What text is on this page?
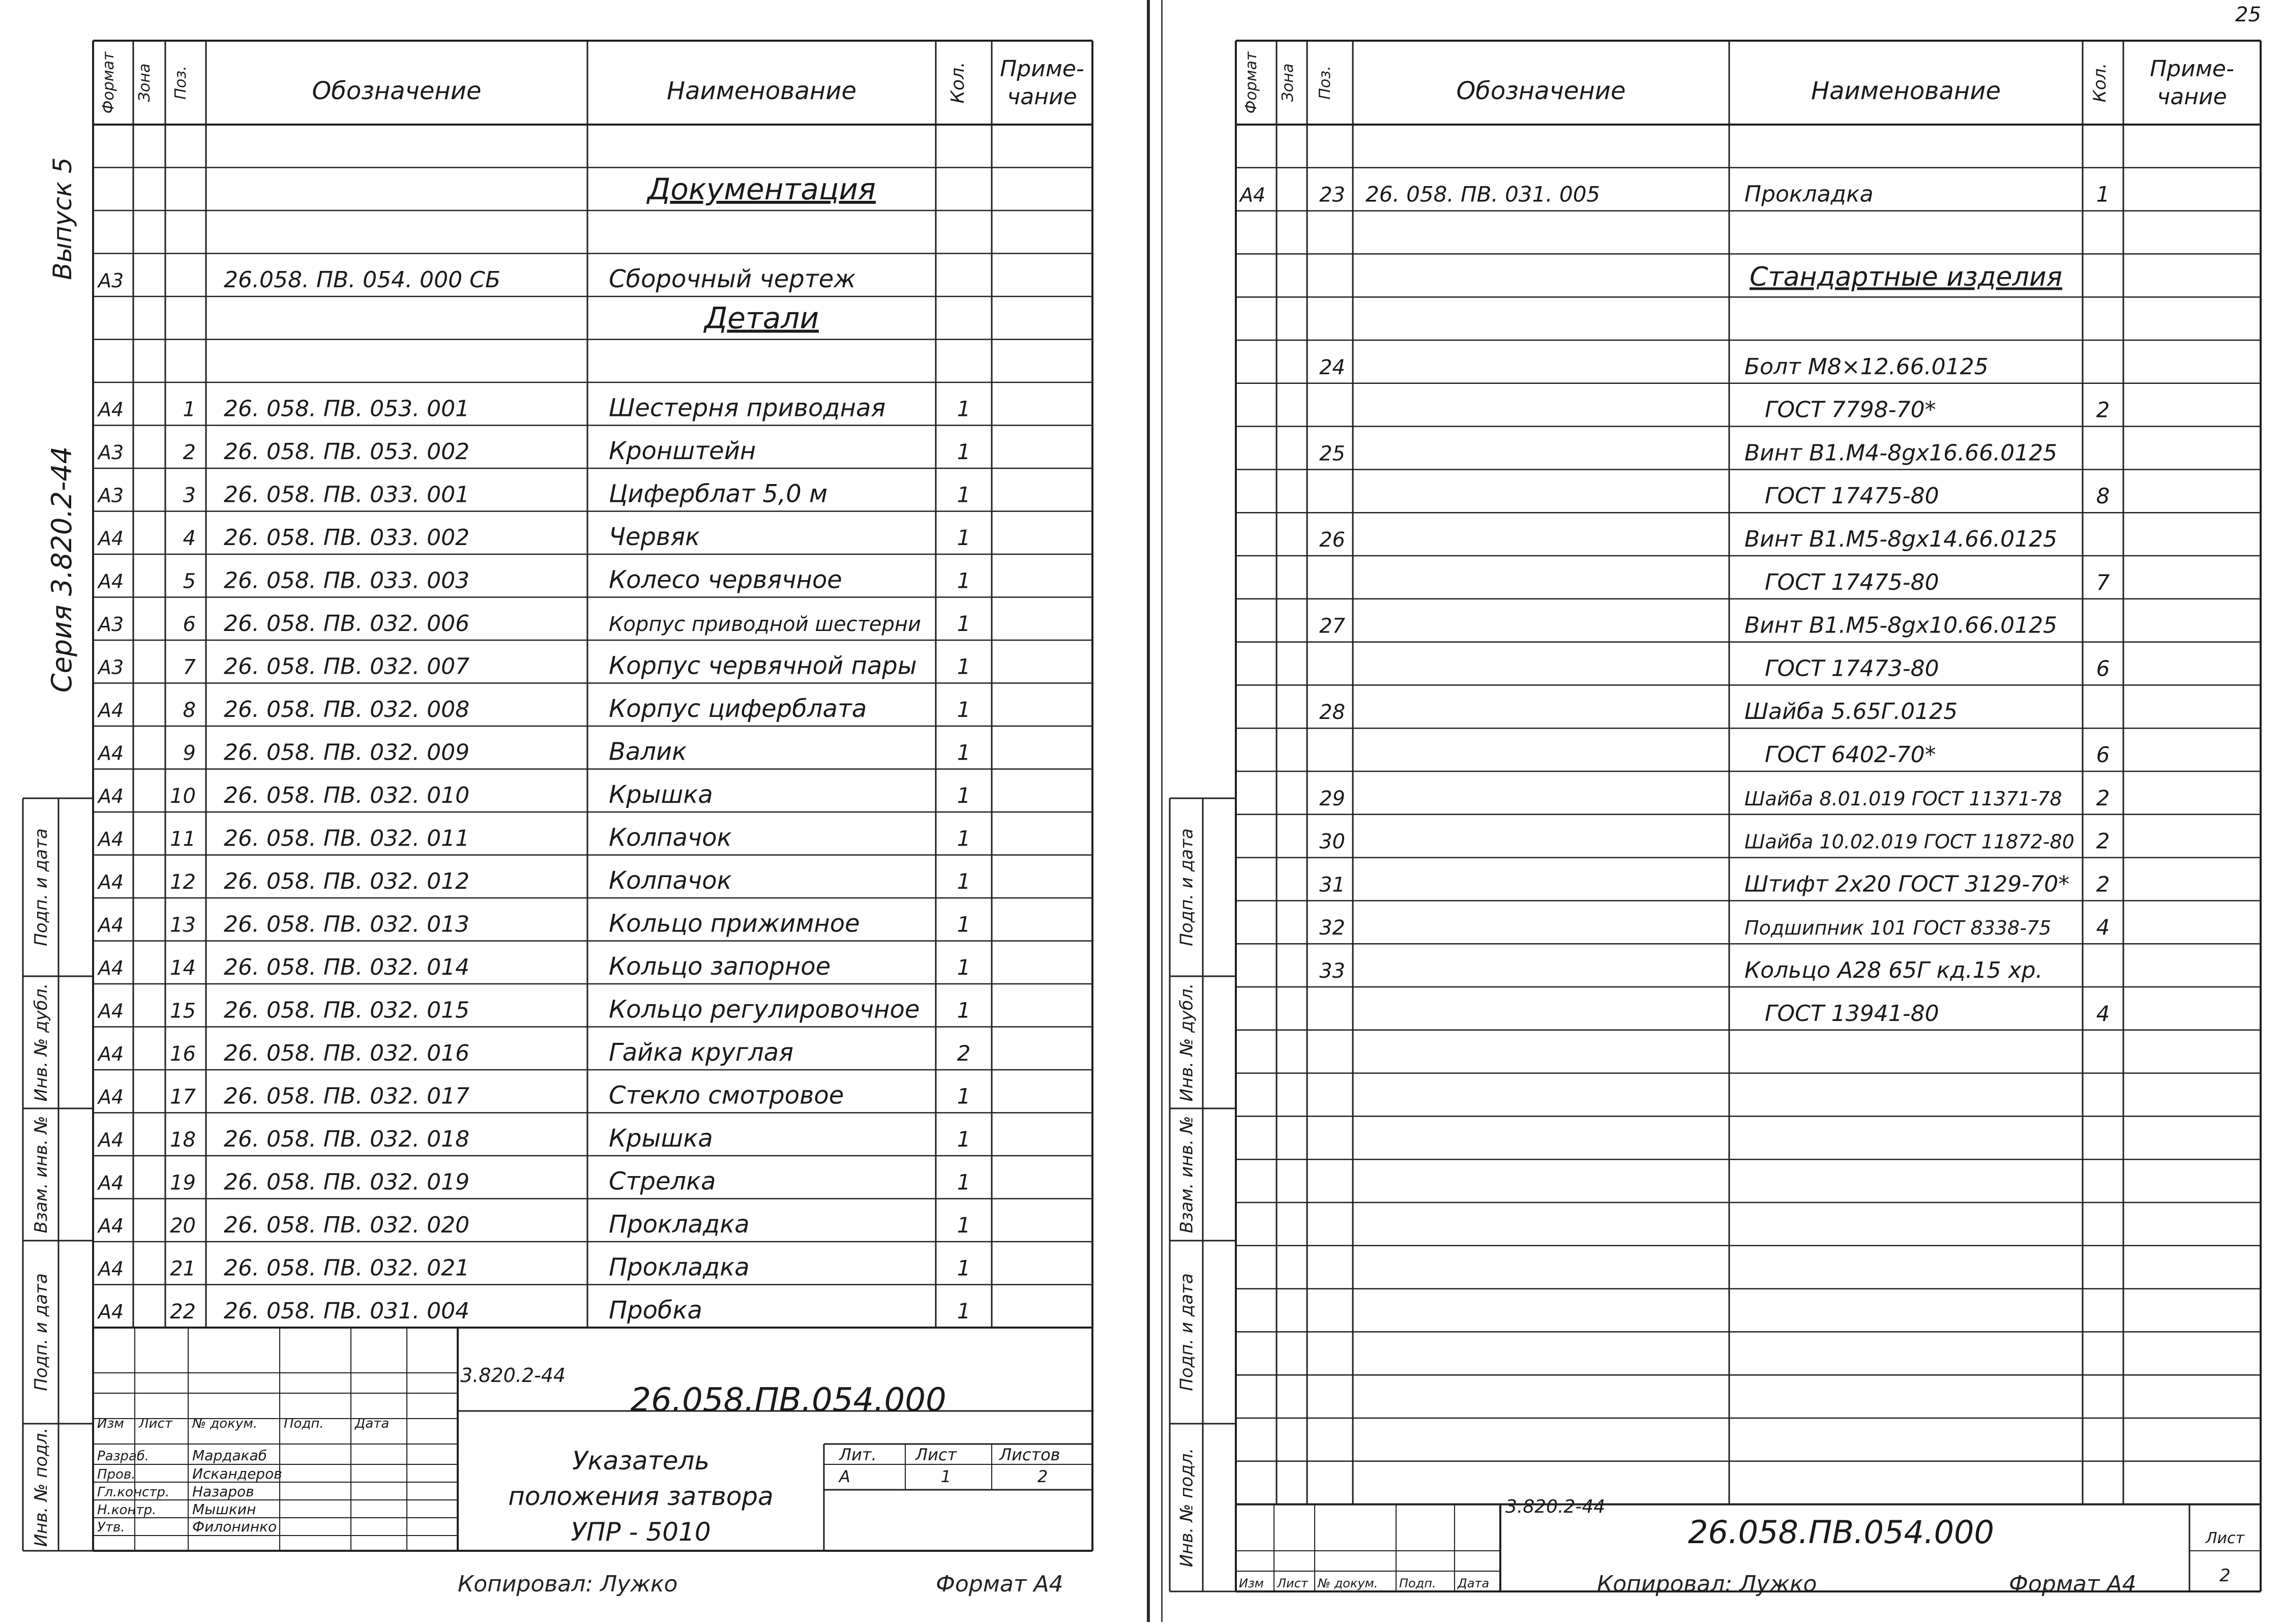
25
Формат Зона Поз.	Обозначение	Наименование	Кол. Приме-
чание
Документация
А3	26.058. ПВ. 054. 000 СБ	Сборочный чертеж
Детали
А4	1 26. 058. ПВ. 053. 001	Шестерня приводная	1
А3	2 26. 058. ПВ. 053. 002	Кронштейн	1
А3	3 26. 058. ПВ. 033. 001	Циферблат 5,0 м	1
А4	4 26. 058. ПВ. 033. 002	Червяк	1
А4	5 26. 058. ПВ. 033. 003	Колесо червячное	1
А3	6 26. 058. ПВ. 032. 006	Корпус приводной шестерни 1
А3	7 26. 058. ПВ. 032. 007	Корпус червячной пары 1
А4	8 26. 058. ПВ. 032. 008	Корпус циферблата	1
А4	9 26. 058. ПВ. 032. 009	Валик	1
А4 10 26. 058. ПВ. 032. 010	Крышка	1
А4 11 26. 058. ПВ. 032. 011	Колпачок	1
А4 12 26. 058. ПВ. 032. 012	Колпачок	1
А4 13 26. 058. ПВ. 032. 013	Кольцо прижимное	1
А4 14 26. 058. ПВ. 032. 014	Кольцо запорное	1
А4 15 26. 058. ПВ. 032. 015	Кольцо регулировочное 1
А4 16 26. 058. ПВ. 032. 016	Гайка круглая	2
А4 17 26. 058. ПВ. 032. 017	Стекло смотровое	1
А4 18 26. 058. ПВ. 032. 018	Крышка	1
А4 19 26. 058. ПВ. 032. 019	Стрелка	1
А4 20 26. 058. ПВ. 032. 020	Прокладка	1
А4 21 26. 058. ПВ. 032. 021	Прокладка	1
А4 22 26. 058. ПВ. 031. 004	Пробка	1
Изм Лист № докум. Подп. Дата
Разраб.	Мардакаб
Пров.	Искандеров
Гл.констр. Назаров
Н.контр.	Мышкин
Утв.	Филонинко
3.820.2-44
26.058.ПВ.054.000
Лит. Лист	Листов
А	1	2
Указатель
положения затвора
УПР - 5010
Выпуск 5
Серия 3.820.2-44
Подп. и дата
Инв. № дубл.
Взам. инв. №
Подп. и дата
Инв. № подл.
Формат Зона Поз.	Обозначение	Наименование	Кол. Приме-
чание
А4	23 26. 058. ПВ. 031. 005	Прокладка	1
Стандартные изделия
24	Болт М8×12.66.0125
ГОСТ 7798-70*	2
25	Винт В1.М4-8gх16.66.0125
ГОСТ 17475-80	8
26	Винт В1.М5-8gх14.66.0125
ГОСТ 17475-80	7
27	Винт В1.М5-8gх10.66.0125
ГОСТ 17473-80	6
28	Шайба 5.65Г.0125
ГОСТ 6402-70*	6
29	Шайба 8.01.019 ГОСТ 11371-78 2
30	Шайба 10.02.019 ГОСТ 11872-80 2
31	Штифт 2х20 ГОСТ 3129-70* 2
32	Подшипник 101 ГОСТ 8338-75 4
33	Кольцо А28 65Г кд.15 хр.
ГОСТ 13941-80	4
Изм Лист № докум. Подп. Дата
3.820.2-44
26.058.ПВ.054.000	Лист
2
Подп. и дата
Инв. № дубл.
Взам. инв. №
Подп. и дата
Инв. № подл.
Копировал: Лужко	Формат А4	Копировал: Лужко	Формат А4
